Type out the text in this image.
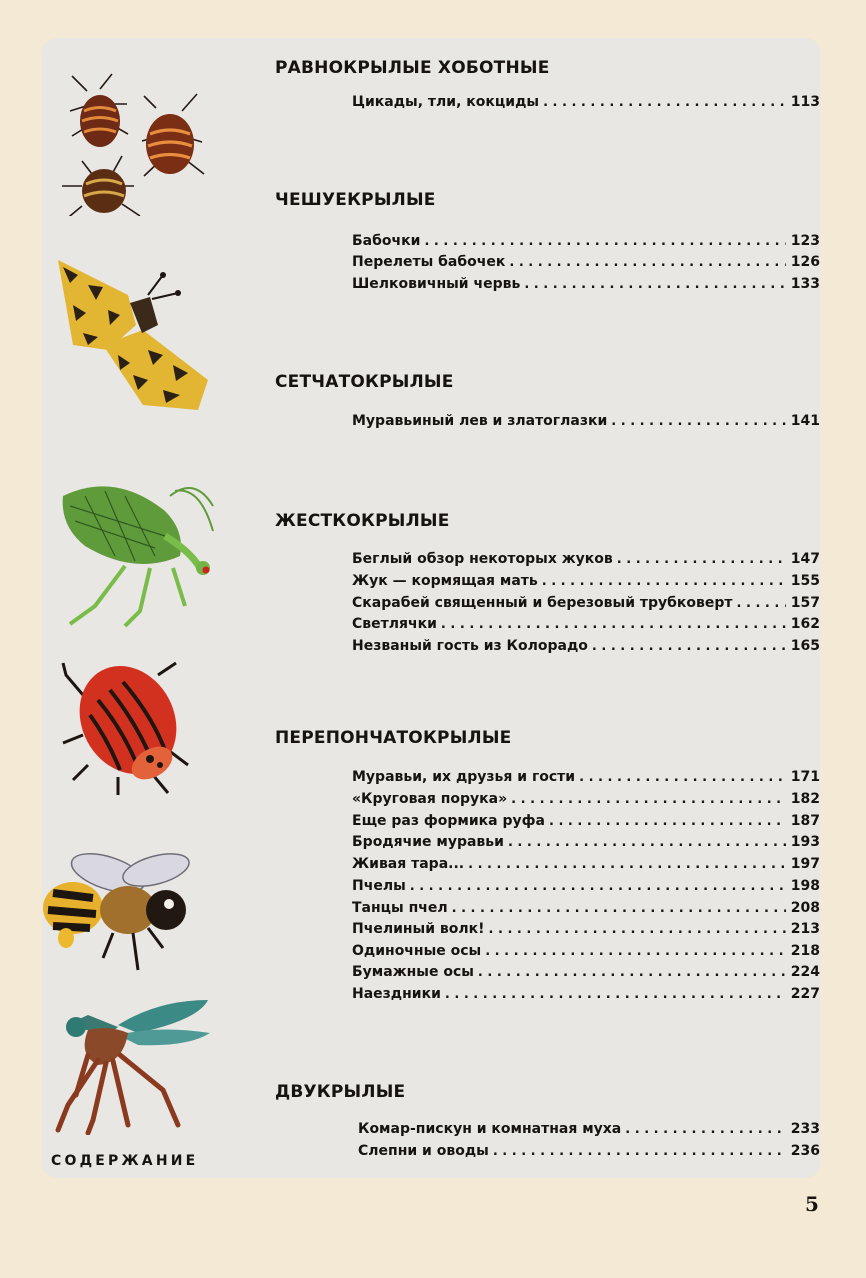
РАВНОКРЫЛЫЕ ХОБОТНЫЕ
Цикады, тли, кокциды . . .	113
ЧЕШУЕКРЫЛЫЕ
Бабочки . . .	123
Перелеты бабочек . . .	126
Шелковичный червь . . .	133
СЕТЧАТОКРЫЛЫЕ
Муравьиный лев и златоглазки . . .	141
ЖЕСТКОКРЫЛЫЕ
Беглый обзор некоторых жуков . . .	147
Жук — кормящая мать . . .	155
Скарабей священный и березовый трубковерт . . .	157
Светлячки . . .	162
Незваный гость из Колорадо . . .	165
ПЕРЕПОНЧАТОКРЫЛЫЕ
Муравьи, их друзья и гости . . .	171
«Круговая порука» . . .	182
Еще раз формика руфа . . .	187
Бродячие муравьи . . .	193
Живая тара... . . .	197
Пчелы . . .	198
Танцы пчел . . .	208
Пчелиный волк! . . .	213
Одиночные осы . . .	218
Бумажные осы . . .	224
Наездники . . .	227
ДВУКРЫЛЫЕ
Комар-пискун и комнатная муха . . .	233
Слепни и оводы . . .	236
СОДЕРЖАНИЕ
5
